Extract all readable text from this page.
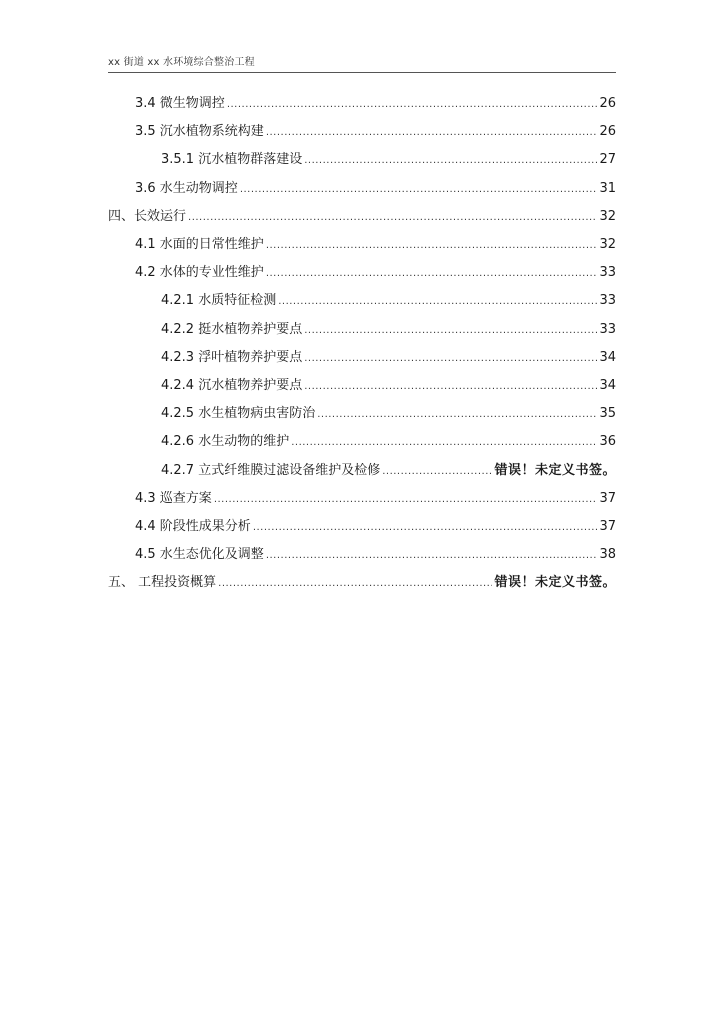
xx 街道 xx 水环境综合整治工程
3.4 微生物调控 .....	26
3.5 沉水植物系统构建 .....	26
3.5.1 沉水植物群落建设 .....	27
3.6 水生动物调控 .....	31
四、长效运行 .....	32
4.1 水面的日常性维护 .....	32
4.2 水体的专业性维护 .....	33
4.2.1 水质特征检测 .....	33
4.2.2 挺水植物养护要点 .....	33
4.2.3 浮叶植物养护要点 .....	34
4.2.4 沉水植物养护要点 .....	34
4.2.5 水生植物病虫害防治 .....	35
4.2.6 水生动物的维护 .....	36
4.2.7 立式纤维膜过滤设备维护及检修 .....	错误！未定义书签。
4.3 巡查方案 .....	37
4.4 阶段性成果分析 .....	37
4.5 水生态优化及调整 .....	38
五、 工程投资概算 .....	错误！未定义书签。
